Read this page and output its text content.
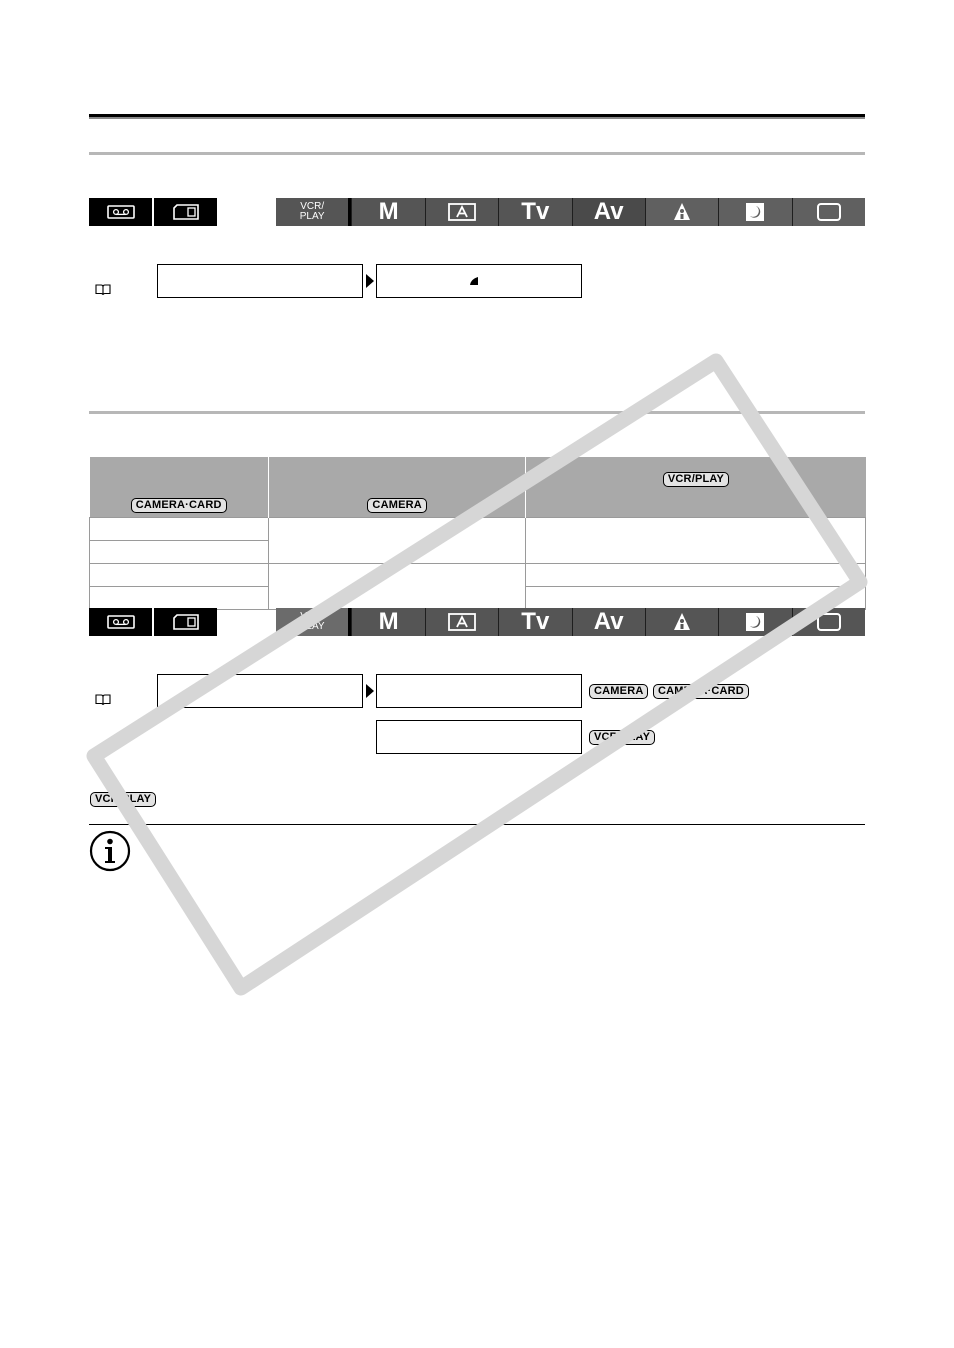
VCR/
PLAY M	Tv Av
CAMERA·CARD	CAMERA	VCR/PLAY

VCR/
PLAY M	Tv Av
CAMERA	CAMERA·CARD
VCR/PLAY
VCR/PLAY
